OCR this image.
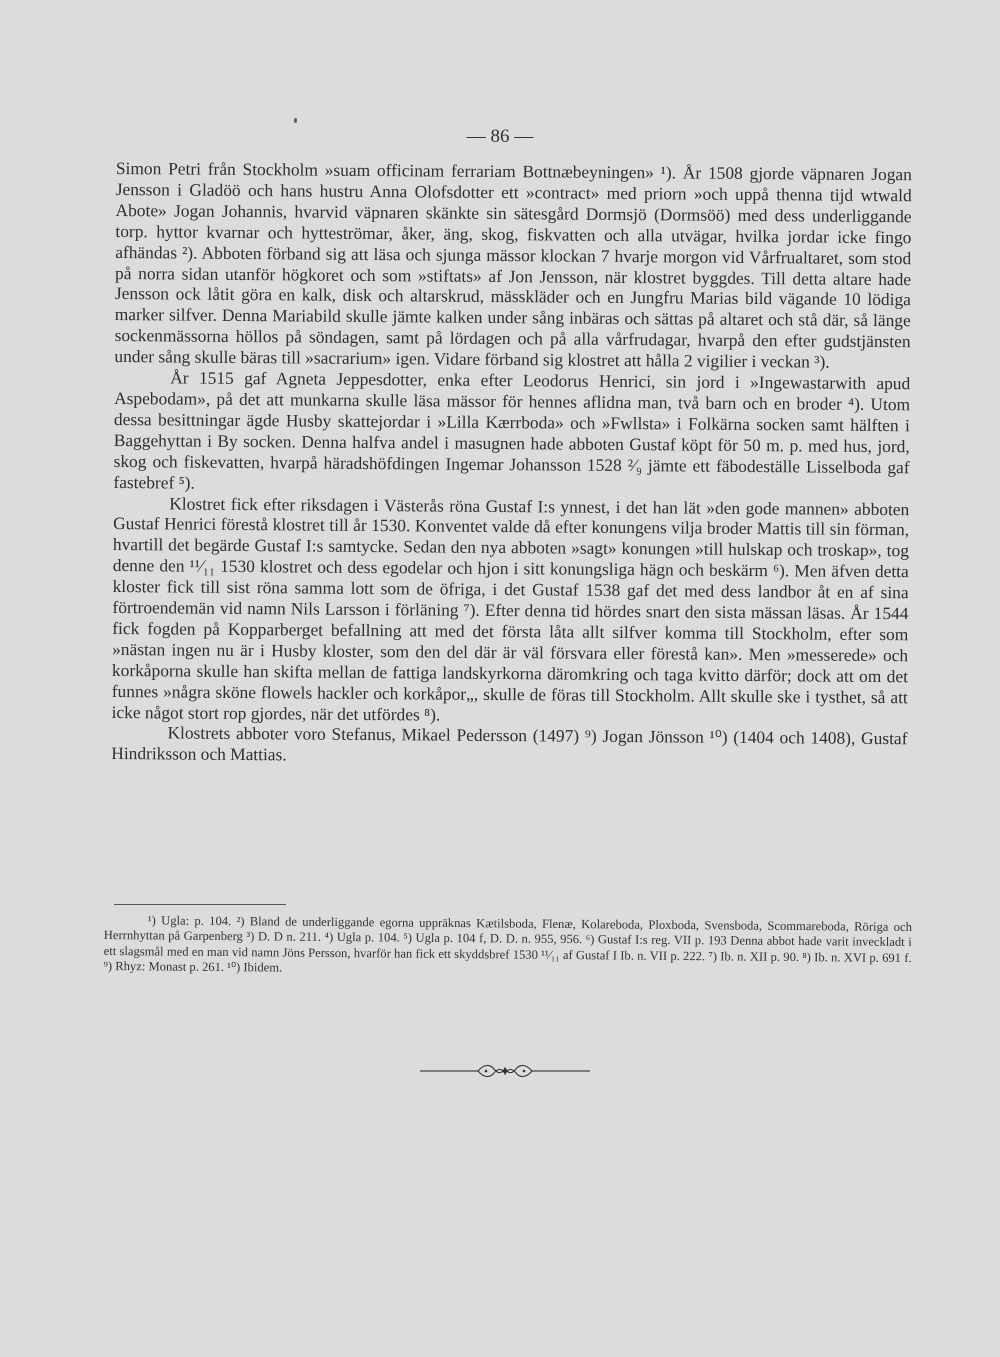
— 86 —

Simon Petri från Stockholm »suam officinam ferrariam Bottnæbeyningen» ¹). År 1508 gjorde väpnaren Jogan Jensson i Gladöö och hans hustru Anna Olofsdotter ett »contract» med priorn »och uppå thenna tijd wtwald Abote» Jogan Johannis, hvarvid väpnaren skänkte sin sätesgård Dormsjö (Dormsöö) med dess underliggande torp. hyttor kvarnar och hytteströmar, åker, äng, skog, fiskvatten och alla utvägar, hvilka jordar icke fingo afhändas ²). Abboten förband sig att läsa och sjunga mässor klockan 7 hvarje morgon vid Vårfrualtaret, som stod på norra sidan utanför högkoret och som »stiftats» af Jon Jensson, när klostret byggdes. Till detta altare hade Jensson ock låtit göra en kalk, disk och altarskrud, mässkläder och en Jungfru Marias bild vägande 10 lödiga marker silfver. Denna Mariabild skulle jämte kalken under sång inbäras och sättas på altaret och stå där, så länge sockenmässorna höllos på söndagen, samt på lördagen och på alla vårfrudagar, hvarpå den efter gudstjänsten under sång skulle bäras till »sacrarium» igen. Vidare förband sig klostret att hålla 2 vigilier i veckan ³).

År 1515 gaf Agneta Jeppesdotter, enka efter Leodorus Henrici, sin jord i »Ingewastarwith apud Aspebodam», på det att munkarna skulle läsa mässor för hennes aflidna man, två barn och en broder ⁴). Utom dessa besittningar ägde Husby skattejordar i »Lilla Kærrboda» och »Fwllsta» i Folkärna socken samt hälften i Baggehyttan i By socken. Denna halfva andel i masugnen hade abboten Gustaf köpt för 50 m. p. med hus, jord, skog och fiskevatten, hvarpå häradshöfdingen Ingemar Johansson 1528 ²⁄₉ jämte ett fäbodeställe Lisselboda gaf fastebref ⁵).

Klostret fick efter riksdagen i Västerås röna Gustaf I:s ynnest, i det han lät »den gode mannen» abboten Gustaf Henrici förestå klostret till år 1530. Konventet valde då efter konungens vilja broder Mattis till sin förman, hvartill det begärde Gustaf I:s samtycke. Sedan den nya abboten »sagt» konungen »till hulskap och troskap», tog denne den ¹¹⁄₁₁ 1530 klostret och dess egodelar och hjon i sitt konungsliga hägn och beskärm ⁶). Men äfven detta kloster fick till sist röna samma lott som de öfriga, i det Gustaf 1538 gaf det med dess landbor åt en af sina förtroendemän vid namn Nils Larsson i förläning ⁷). Efter denna tid hördes snart den sista mässan läsas. År 1544 fick fogden på Kopparberget befallning att med det första låta allt silfver komma till Stockholm, efter som »nästan ingen nu är i Husby kloster, som den del där är väl försvara eller förestå kan». Men »messerede» och korkåporna skulle han skifta mellan de fattiga landskyrkorna däromkring och taga kvitto därför; dock att om det funnes »några sköne flowels hackler och korkåpor„, skulle de föras till Stockholm. Allt skulle ske i tysthet, så att icke något stort rop gjordes, när det utfördes ⁸).

Klostrets abboter voro Stefanus, Mikael Pedersson (1497) ⁹) Jogan Jönsson ¹⁰) (1404 och 1408), Gustaf Hindriksson och Mattias.

¹) Ugla: p. 104. ²) Bland de underliggande egorna uppräknas Kætilsboda, Flenæ, Kolareboda, Ploxboda, Svensboda, Scommareboda, Röriga och Herrnhyttan på Garpenberg ³) D. D n. 211. ⁴) Ugla p. 104. ⁵) Ugla p. 104 f, D. D. n. 955, 956. ⁶) Gustaf I:s reg. VII p. 193 Denna abbot hade varit inveckladt i ett slagsmål med en man vid namn Jöns Persson, hvarför han fick ett skyddsbref 1530 ¹¹⁄₁₁ af Gustaf I Ib. n. VII p. 222. ⁷) Ib. n. XII p. 90. ⁸) Ib. n. XVI p. 691 f. ⁹) Rhyz: Monast p. 261. ¹⁰) Ibidem.
